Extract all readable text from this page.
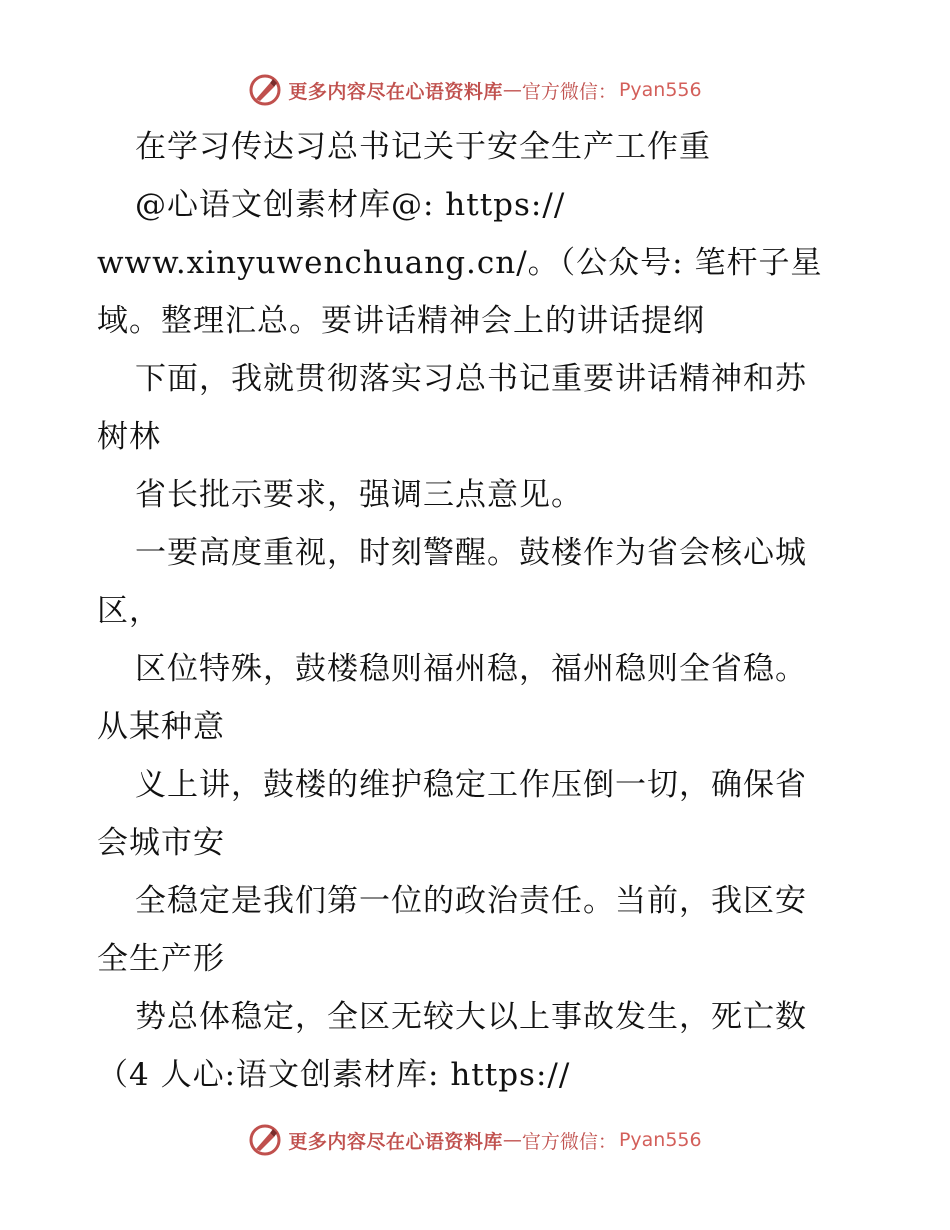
更多内容尽在心语资料库 — 官方微信： Pyan556
在学习传达习总书记关于安全生产工作重
@心语文创素材库@: https://
www.xinyuwenchuang.cn/。（公众号: 笔杆子星
域。整理汇总。要讲话精神会上的讲话提纲
下面，我就贯彻落实习总书记重要讲话精神和苏
树林
省长批示要求，强调三点意见。
一要高度重视，时刻警醒。鼓楼作为省会核心城
区，
区位特殊，鼓楼稳则福州稳，福州稳则全省稳。
从某种意
义上讲，鼓楼的维护稳定工作压倒一切，确保省
会城市安
全稳定是我们第一位的政治责任。当前，我区安
全生产形
势总体稳定，全区无较大以上事故发生，死亡数
（4 人心:语文创素材库: https://
更多内容尽在心语资料库 — 官方微信： Pyan556
